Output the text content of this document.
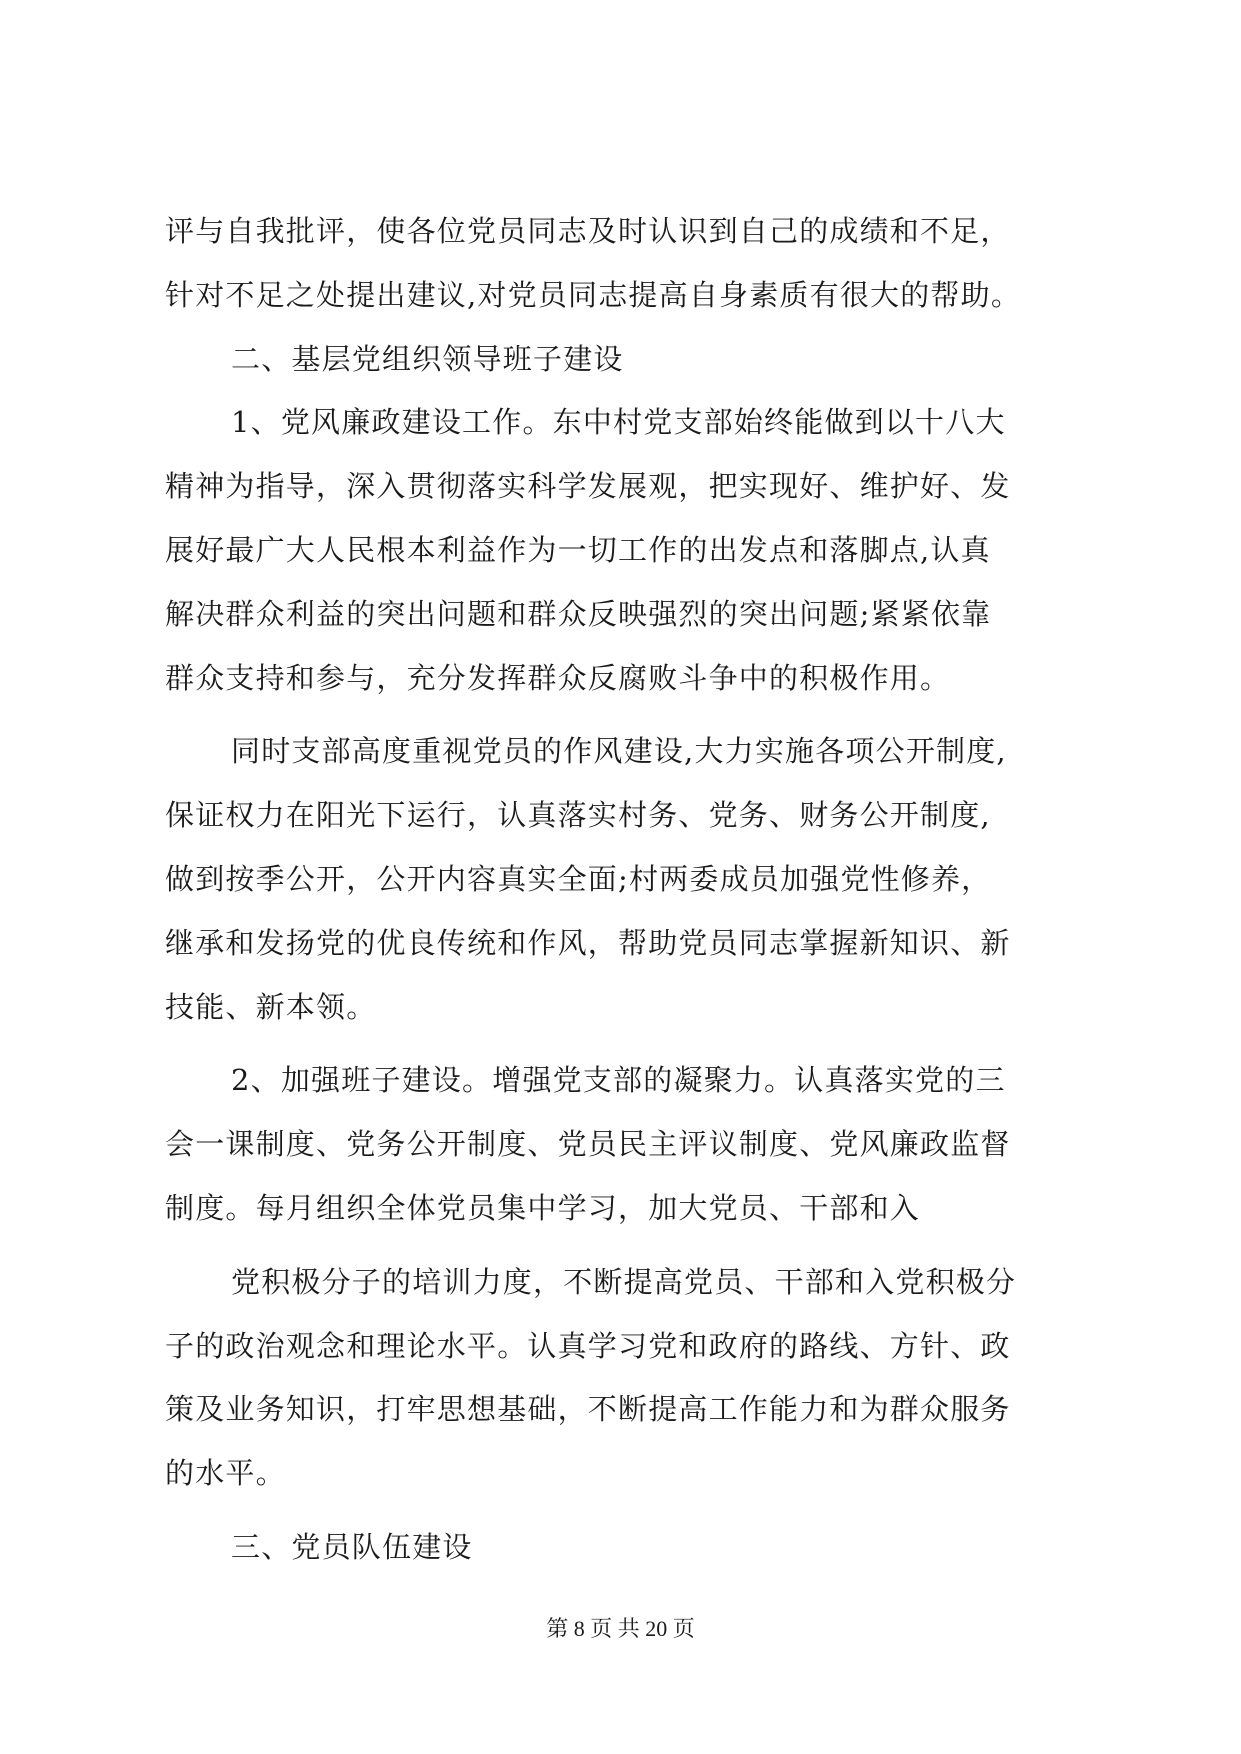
评与自我批评，使各位党员同志及时认识到自己的成绩和不足，
针对不足之处提出建议,对党员同志提高自身素质有很大的帮助。
二、基层党组织领导班子建设
1、党风廉政建设工作。东中村党支部始终能做到以十八大
精神为指导，深入贯彻落实科学发展观，把实现好、维护好、发
展好最广大人民根本利益作为一切工作的出发点和落脚点,认真
解决群众利益的突出问题和群众反映强烈的突出问题;紧紧依靠
群众支持和参与，充分发挥群众反腐败斗争中的积极作用。
同时支部高度重视党员的作风建设,大力实施各项公开制度,
保证权力在阳光下运行，认真落实村务、党务、财务公开制度,
做到按季公开，公开内容真实全面;村两委成员加强党性修养，
继承和发扬党的优良传统和作风，帮助党员同志掌握新知识、新
技能、新本领。
2、加强班子建设。增强党支部的凝聚力。认真落实党的三
会一课制度、党务公开制度、党员民主评议制度、党风廉政监督
制度。每月组织全体党员集中学习，加大党员、干部和入
党积极分子的培训力度，不断提高党员、干部和入党积极分
子的政治观念和理论水平。认真学习党和政府的路线、方针、政
策及业务知识，打牢思想基础，不断提高工作能力和为群众服务
的水平。
三、党员队伍建设
第 8 页 共 20 页
